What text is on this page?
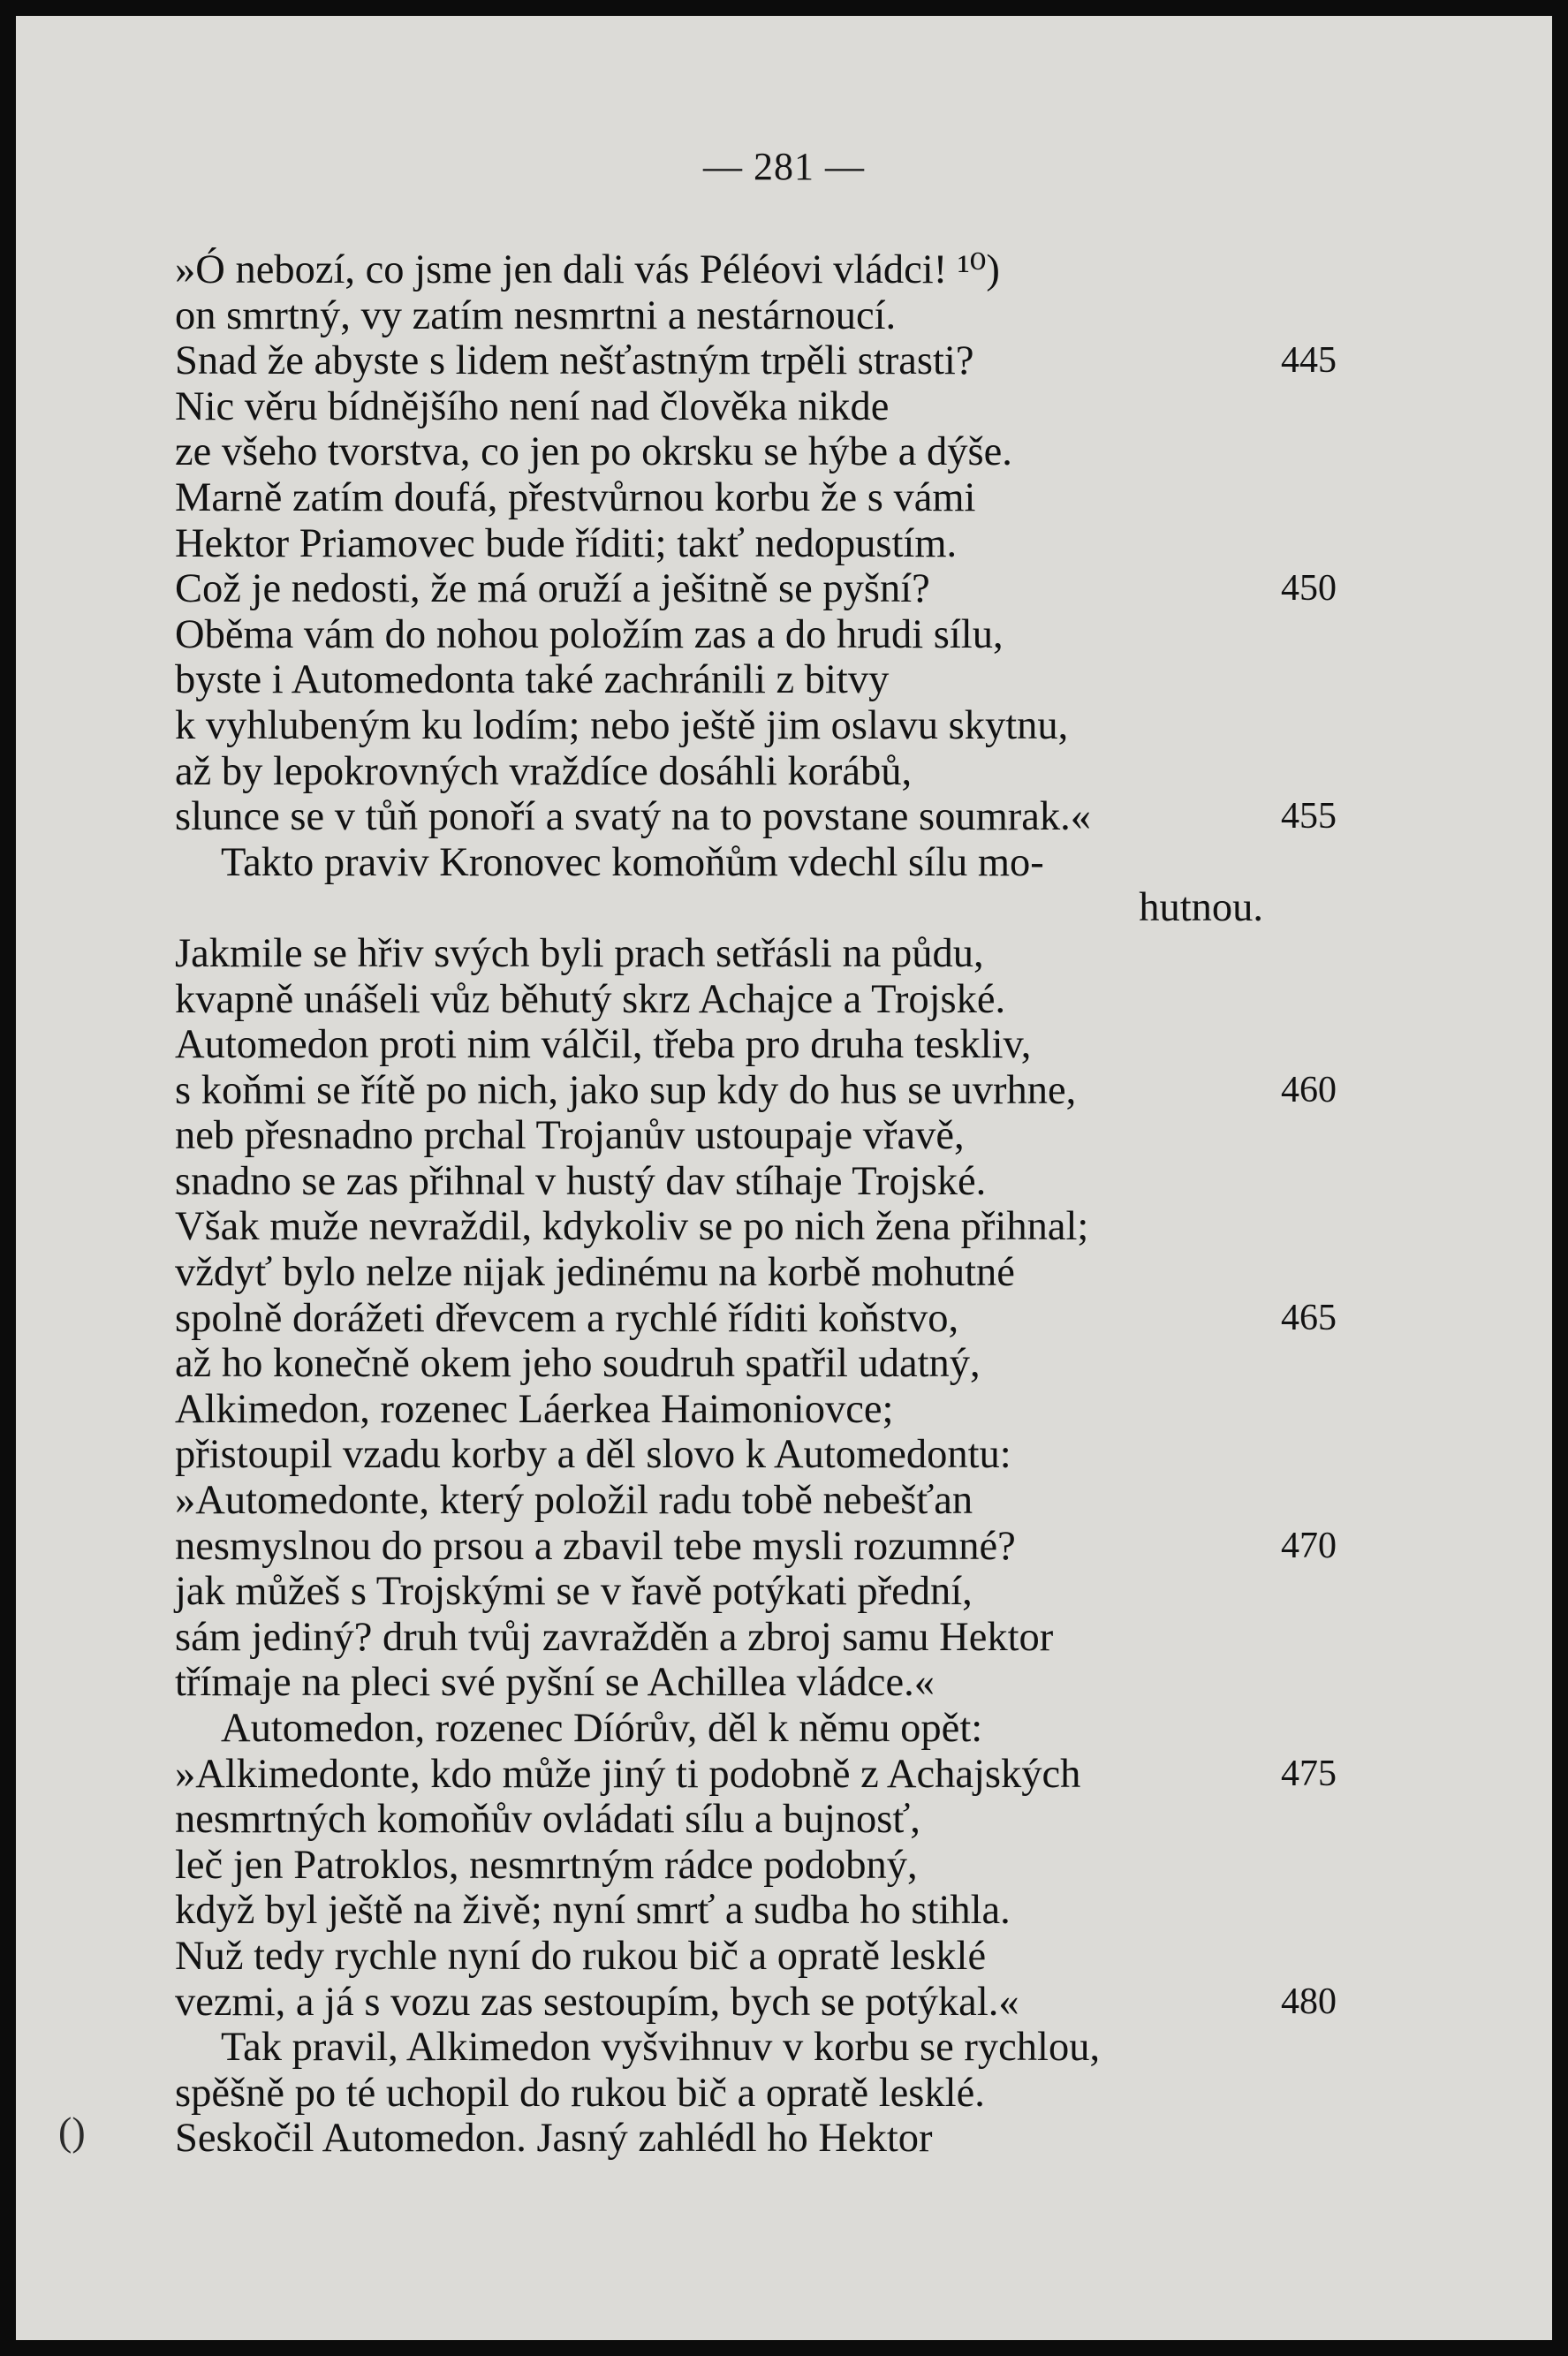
— 281 —
»Ó nebozí, co jsme jen dali vás Péléovi vládci! ¹⁰)
on smrtný, vy zatím nesmrtni a nestárnoucí.
Snad že abyste s lidem nešťastným trpěli strasti?	445
Nic věru bídnějšího není nad člověka nikde
ze všeho tvorstva, co jen po okrsku se hýbe a dýše.
Marně zatím doufá, přestvůrnou korbu že s vámi
Hektor Priamovec bude říditi; takť nedopustím.
Což je nedosti, že má oruží a ješitně se pyšní?	450
Oběma vám do nohou položím zas a do hrudi sílu,
byste i Automedonta také zachránili z bitvy
k vyhlubeným ku lodím; nebo ještě jim oslavu skytnu,
až by lepokrovných vraždíce dosáhli korábů,
slunce se v tůň ponoří a svatý na to povstane soumrak.«	455
Takto praviv Kronovec komoňům vdechl sílu mo-
hutnou.
Jakmile se hřiv svých byli prach setřásli na půdu,
kvapně unášeli vůz běhutý skrz Achajce a Trojské.
Automedon proti nim válčil, třeba pro druha teskliv,
s koňmi se řítě po nich, jako sup kdy do hus se uvrhne,	460
neb přesnadno prchal Trojanův ustoupaje vřavě,
snadno se zas přihnal v hustý dav stíhaje Trojské.
Však muže nevraždil, kdykoliv se po nich žena přihnal;
vždyť bylo nelze nijak jedinému na korbě mohutné
spolně dorážeti dřevcem a rychlé říditi koňstvo,	465
až ho konečně okem jeho soudruh spatřil udatný,
Alkimedon, rozenec Láerkea Haimoniovce;
přistoupil vzadu korby a děl slovo k Automedontu:
»Automedonte, který položil radu tobě nebešťan
nesmyslnou do prsou a zbavil tebe mysli rozumné?	470
jak můžeš s Trojskými se v řavě potýkati přední,
sám jediný? druh tvůj zavražděn a zbroj samu Hektor
třímaje na pleci své pyšní se Achillea vládce.«
Automedon, rozenec Díórův, děl k němu opět:
»Alkimedonte, kdo může jiný ti podobně z Achajských	475
nesmrtných komoňův ovládati sílu a bujnosť,
leč jen Patroklos, nesmrtným rádce podobný,
když byl ještě na živě; nyní smrť a sudba ho stihla.
Nuž tedy rychle nyní do rukou bič a opratě lesklé
vezmi, a já s vozu zas sestoupím, bych se potýkal.«	480
Tak pravil, Alkimedon vyšvihnuv v korbu se rychlou,
spěšně po té uchopil do rukou bič a opratě lesklé.
Seskočil Automedon. Jasný zahlédl ho Hektor
()
